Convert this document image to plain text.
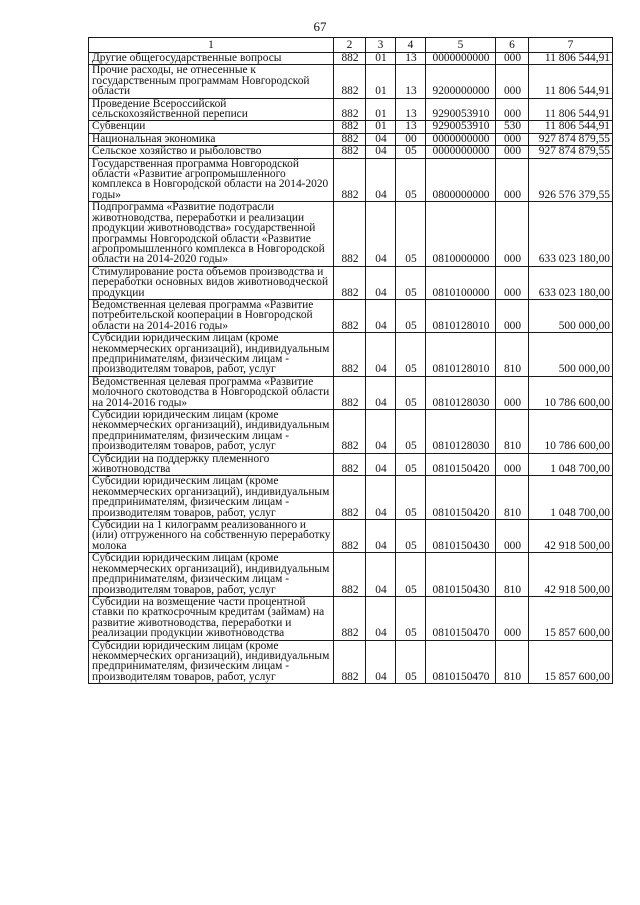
67
1	2	3	4	5	6	7
Другие общегосударственные вопросы	882	01	13	0000000000	000	11 806 544,91
Прочие расходы, не отнесенные к государственным программам Новгородской области	882	01	13	9200000000	000	11 806 544,91
Проведение Всероссийской сельскохозяйственной переписи	882	01	13	9290053910	000	11 806 544,91
Субвенции	882	01	13	9290053910	530	11 806 544,91
Национальная экономика	882	04	00	0000000000	000	927 874 879,55
Сельское хозяйство и рыболовство	882	04	05	0000000000	000	927 874 879,55
Государственная программа Новгородской области «Развитие агропромышленного комплекса в Новгородской области на 2014-2020 годы»	882	04	05	0800000000	000	926 576 379,55
Подпрограмма «Развитие подотрасли животноводства, переработки и реализации продукции животноводства» государственной программы Новгородской области «Развитие агропромышленного комплекса в Новгородской области на 2014-2020 годы»	882	04	05	0810000000	000	633 023 180,00
Стимулирование роста объемов производства и переработки основных видов животноводческой продукции	882	04	05	0810100000	000	633 023 180,00
Ведомственная целевая программа «Развитие потребительской кооперации в Новгородской области на 2014-2016 годы»	882	04	05	0810128010	000	500 000,00
Субсидии юридическим лицам (кроме некоммерческих организаций), индивидуальным предпринимателям, физическим лицам - производителям товаров, работ, услуг	882	04	05	0810128010	810	500 000,00
Ведомственная целевая программа «Развитие молочного скотоводства в Новгородской области на 2014-2016 годы»	882	04	05	0810128030	000	10 786 600,00
Субсидии юридическим лицам (кроме некоммерческих организаций), индивидуальным предпринимателям, физическим лицам - производителям товаров, работ, услуг	882	04	05	0810128030	810	10 786 600,00
Субсидии на поддержку племенного животноводства	882	04	05	0810150420	000	1 048 700,00
Субсидии юридическим лицам (кроме некоммерческих организаций), индивидуальным предпринимателям, физическим лицам - производителям товаров, работ, услуг	882	04	05	0810150420	810	1 048 700,00
Субсидии на 1 килограмм реализованного и (или) отгруженного на собственную переработку молока	882	04	05	0810150430	000	42 918 500,00
Субсидии юридическим лицам (кроме некоммерческих организаций), индивидуальным предпринимателям, физическим лицам - производителям товаров, работ, услуг	882	04	05	0810150430	810	42 918 500,00
Субсидии на возмещение части процентной ставки по краткосрочным кредитам (займам) на развитие животноводства, переработки и реализации продукции животноводства	882	04	05	0810150470	000	15 857 600,00
Субсидии юридическим лицам (кроме некоммерческих организаций), индивидуальным предпринимателям, физическим лицам - производителям товаров, работ, услуг	882	04	05	0810150470	810	15 857 600,00
